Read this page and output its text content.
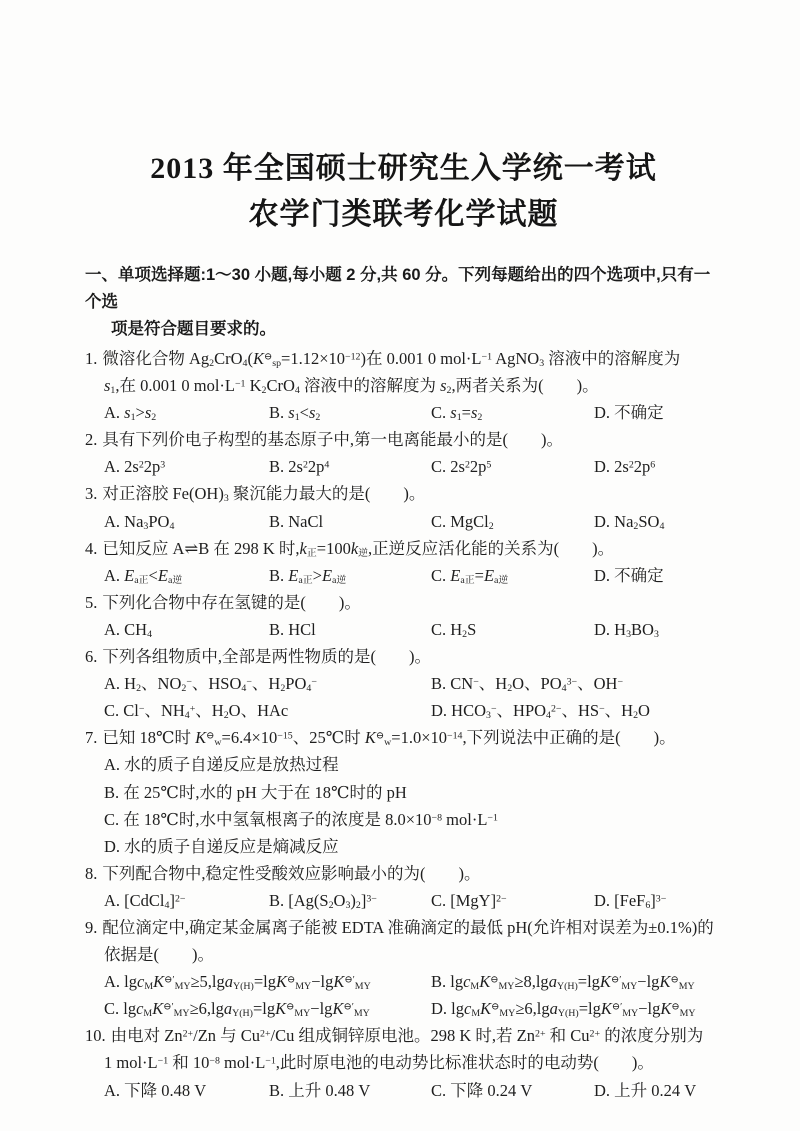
2013 年全国硕士研究生入学统一考试
农学门类联考化学试题
一、单项选择题:1～30 小题,每小题 2 分,共 60 分。下列每题给出的四个选项中,只有一个选
项是符合题目要求的。
1. 微溶化合物 $Ag_2CrO_4(K^⊖_{sp}=1.12\times 10^{-12})$在 0.001 0 $mol\cdot L^{-1}$ AgNO$_3$ 溶液中的溶解度为
$s_1$,在 0.001 0 $mol\cdot L^{-1}$ $K_2CrO_4$ 溶液中的溶解度为 $s_2$,两者关系为(　　)。
A. $s_1>s_2$	B. $s_1<s_2$	C. $s_1=s_2$	D. 不确定
2. 具有下列价电子构型的基态原子中,第一电离能最小的是(　　)。
A. $2s^22p^3$	B. $2s^22p^4$	C. $2s^22p^5$	D. $2s^22p^6$
3. 对正溶胶 $Fe(OH)_3$ 聚沉能力最大的是(　　)。
A. $Na_3PO_4$	B. NaCl	C. MgCl$_2$	D. $Na_2SO_4$
4. 已知反应 A⇌B 在 298 K 时$,k_正=100k_逆$,正逆反应活化能的关系为(　　)。
A. $E_{a正}<E_{a逆}$	B. $E_{a正}>E_{a逆}$	C. $E_{a正}=E_{a逆}$	D. 不确定
5. 下列化合物中存在氢键的是(　　)。
A. $CH_4$	B. HCl	C. $H_2S$	D. $H_3BO_3$
6. 下列各组物质中,全部是两性物质的是(　　)。
A. $H_2$、$NO_2^-$、$HSO_4^-$、$H_2PO_4^-$	B. CN−、$H_2O$、$PO_4^{3-}$、OH−
C. Cl−、$NH_4^+$、$H_2O$、HAc	D. $HCO_3^-$、$HPO_4^{2-}$、HS−、$H_2O$
7. 已知 18℃时 $K^⊖_w=6.4\times 10^{-15}$、25℃时 $K^⊖_w=1.0\times 10^{-14}$,下列说法中正确的是(　　)。
A. 水的质子自递反应是放热过程
B. 在 25℃时,水的 pH 大于在 18℃时的 pH
C. 在 18℃时,水中氢氧根离子的浓度是 $8.0\times 10^{-8}$ $mol\cdot L^{-1}$
D. 水的质子自递反应是熵减反应
8. 下列配合物中,稳定性受酸效应影响最小的为(　　)。
A. [CdCl$_4$]$^{2-}$	B. $[Ag(S_2O_3)_2]^{3-}$	C. [MgY]$^{2-}$	D. $[FeF_6]^{3-}$
9. 配位滴定中,确定某金属离子能被 EDTA 准确滴定的最低 pH(允许相对误差为±0.1%)的
依据是(　　)。
A. $\lg c_MK^{⊖'}_{MY}\ge 5,\lg a_{Y(H)}=\lg K^⊖_{MY}-\lg K^{⊖'}_{MY}$	B. $\lg c_MK^⊖_{MY}\ge 8,\lg a_{Y(H)}=\lg K^{⊖'}_{MY}-\lg K^⊖_{MY}$
C. $\lg c_MK^{⊖'}_{MY}\ge 6,\lg a_{Y(H)}=\lg K^⊖_{MY}-\lg K^{⊖'}_{MY}$	D. $\lg c_MK^⊖_{MY}\ge 6,\lg a_{Y(H)}=\lg K^{⊖'}_{MY}-\lg K^⊖_{MY}$
10. 由电对 $Zn^{2+}/Zn$ 与 $Cu^{2+}/Cu$ 组成铜锌原电池。298 K 时,若 $Zn^{2+}$ 和 $Cu^{2+}$ 的浓度分别为
1 $mol\cdot L^{-1}$ 和 $10^{-8}$ $mol\cdot L^{-1}$,此时原电池的电动势比标准状态时的电动势(　　)。
A. 下降 0.48 V	B. 上升 0.48 V	C. 下降 0.24 V	D. 上升 0.24 V
